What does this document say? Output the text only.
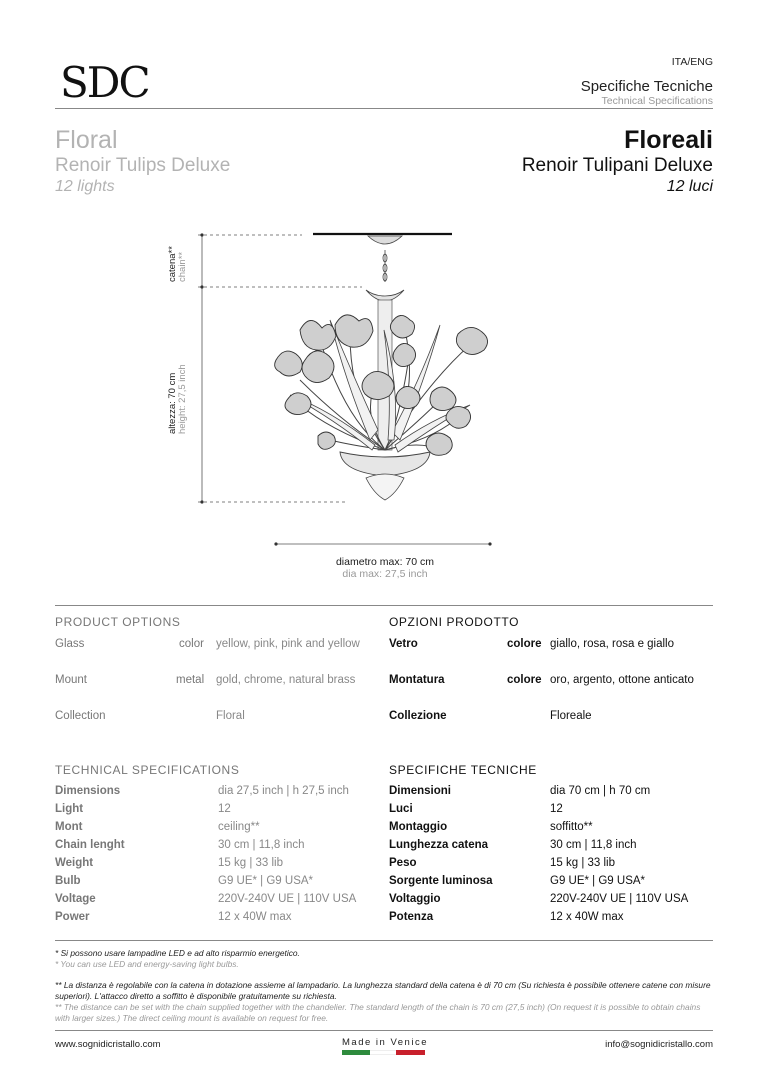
SDC	ITA/ENG
Specifiche Tecniche
Technical Specifications
Floral
Renoir Tulips Deluxe
12 lights
Floreali
Renoir Tulipani Deluxe
12 luci
catena** chain**
altezza: 70 cm height: 27,5 inch
diametro max: 70 cm
dia max: 27,5 inch
PRODUCT OPTIONS	OPZIONI PRODOTTO
Glass	color yellow, pink, pink and yellow
Mount	metal gold, chrome, natural brass
Collection	Floral
Vetro	colore giallo, rosa, rosa e giallo
Montatura	colore oro, argento, ottone anticato
Collezione	Floreale
TECHNICAL SPECIFICATIONS	SPECIFICHE TECNICHE
Dimensions	dia 27,5 inch | h 27,5 inch
Light	12
Mont	ceiling**
Chain lenght	30 cm | 11,8 inch
Weight	15 kg | 33 lib
Bulb	G9 UE* | G9 USA*
Voltage	220V-240V UE | 110V USA
Power	12 x 40W max
Dimensioni	dia 70 cm | h 70 cm
Luci	12
Montaggio	soffitto**
Lunghezza catena	30 cm | 11,8 inch
Peso	15 kg | 33 lib
Sorgente luminosa	G9 UE* | G9 USA*
Voltaggio	220V-240V UE | 110V USA
Potenza	12 x 40W max
* Si possono usare lampadine LED e ad alto risparmio energetico.
* You can use LED and energy-saving light bulbs.
** La distanza è regolabile con la catena in dotazione assieme al lampadario. La lunghezza standard della catena è di 70 cm (Su richiesta è possibile ottenere catene con misure superiori). L'attacco diretto a soffitto è disponibile gratuitamente su richiesta.
** The distance can be set with the chain supplied together with the chandelier. The standard length of the chain is 70 cm (27,5 inch) (On request it is possible to obtain chains with larger sizes.) The direct ceiling mount is available on request for free.
www.sognidicristallo.com	Made in Venice	info@sognidicristallo.com
